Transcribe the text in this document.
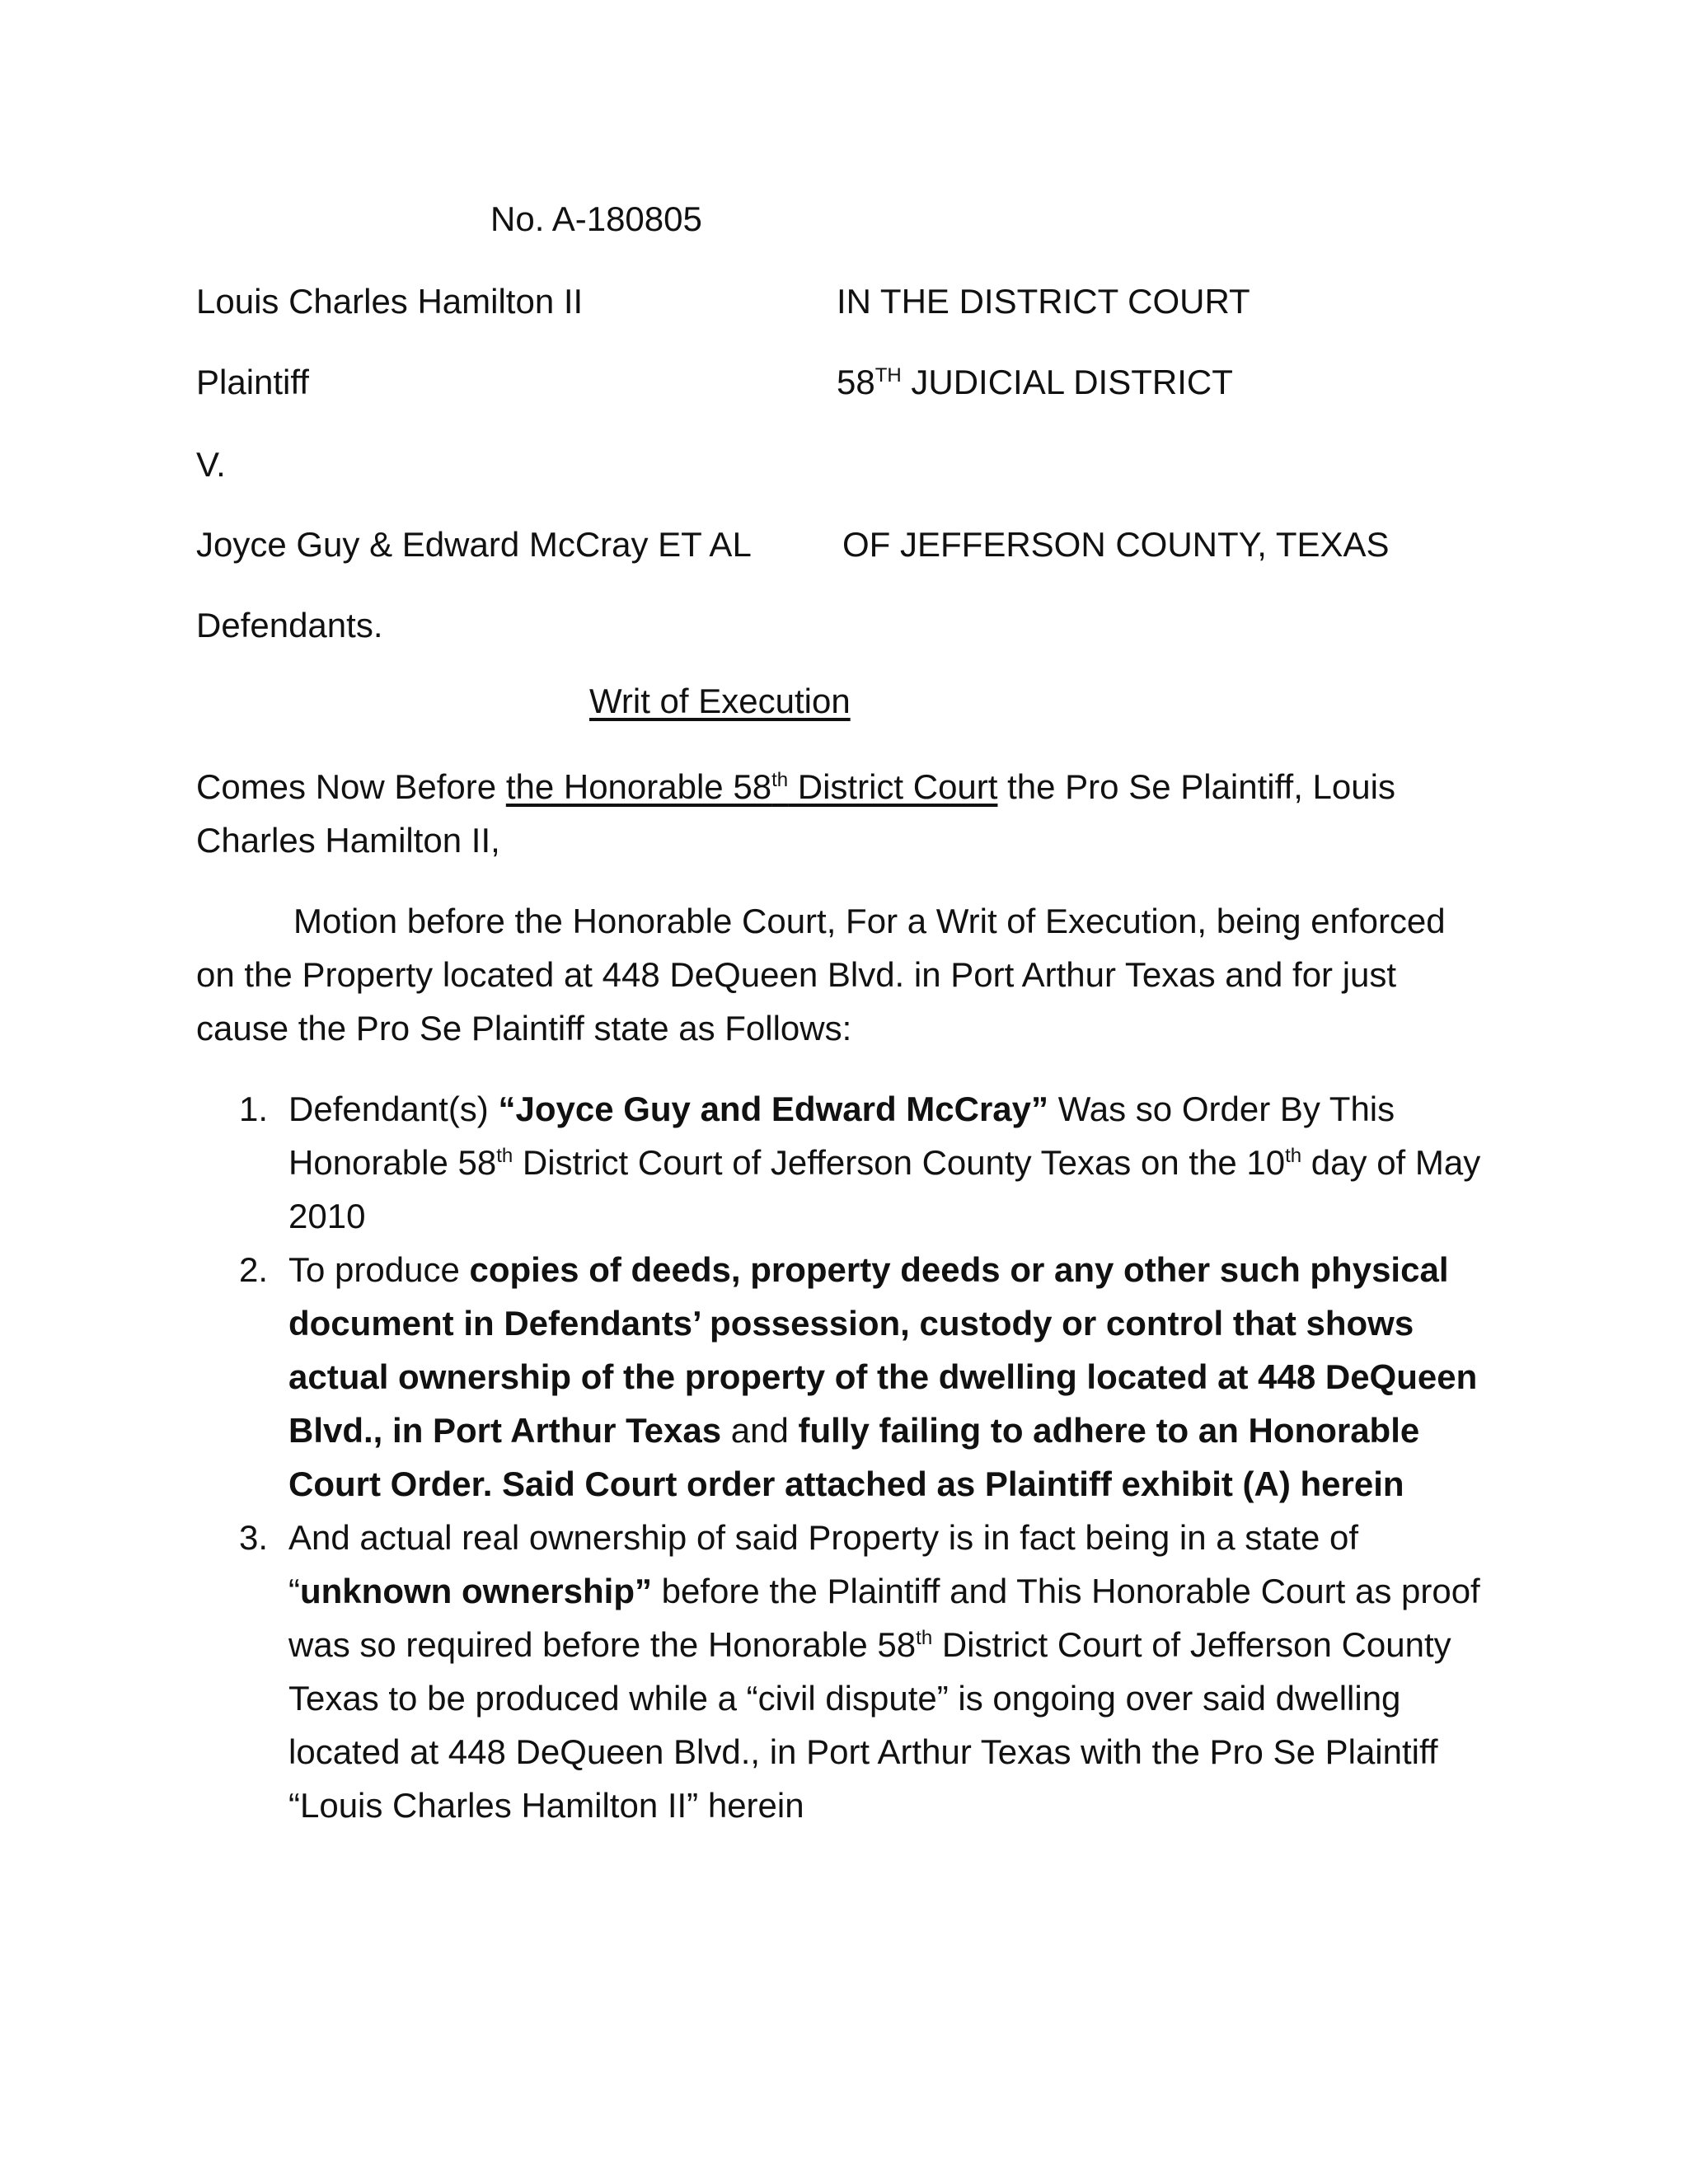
No. A-180805
Louis Charles Hamilton II	IN THE DISTRICT COURT
Plaintiff	58TH JUDICIAL DISTRICT
V.
Joyce Guy & Edward McCray ET AL	OF JEFFERSON COUNTY, TEXAS
Defendants.
Writ of Execution
Comes Now Before the Honorable 58th District Court the Pro Se Plaintiff, Louis Charles Hamilton II,
Motion before the Honorable Court, For a Writ of Execution, being enforced on the Property located at 448 DeQueen Blvd. in Port Arthur Texas and for just cause the Pro Se Plaintiff state as Follows:
1. Defendant(s) “Joyce Guy and Edward McCray” Was so Order By This Honorable 58th District Court of Jefferson County Texas on the 10th day of May 2010
2. To produce copies of deeds, property deeds or any other such physical document in Defendants’ possession, custody or control that shows actual ownership of the property of the dwelling located at 448 DeQueen Blvd., in Port Arthur Texas and fully failing to adhere to an Honorable Court Order. Said Court order attached as Plaintiff exhibit (A) herein
3. And actual real ownership of said Property is in fact being in a state of “unknown ownership” before the Plaintiff and This Honorable Court as proof was so required before the Honorable 58th District Court of Jefferson County Texas to be produced while a “civil dispute” is ongoing over said dwelling located at 448 DeQueen Blvd., in Port Arthur Texas with the Pro Se Plaintiff “Louis Charles Hamilton II” herein
